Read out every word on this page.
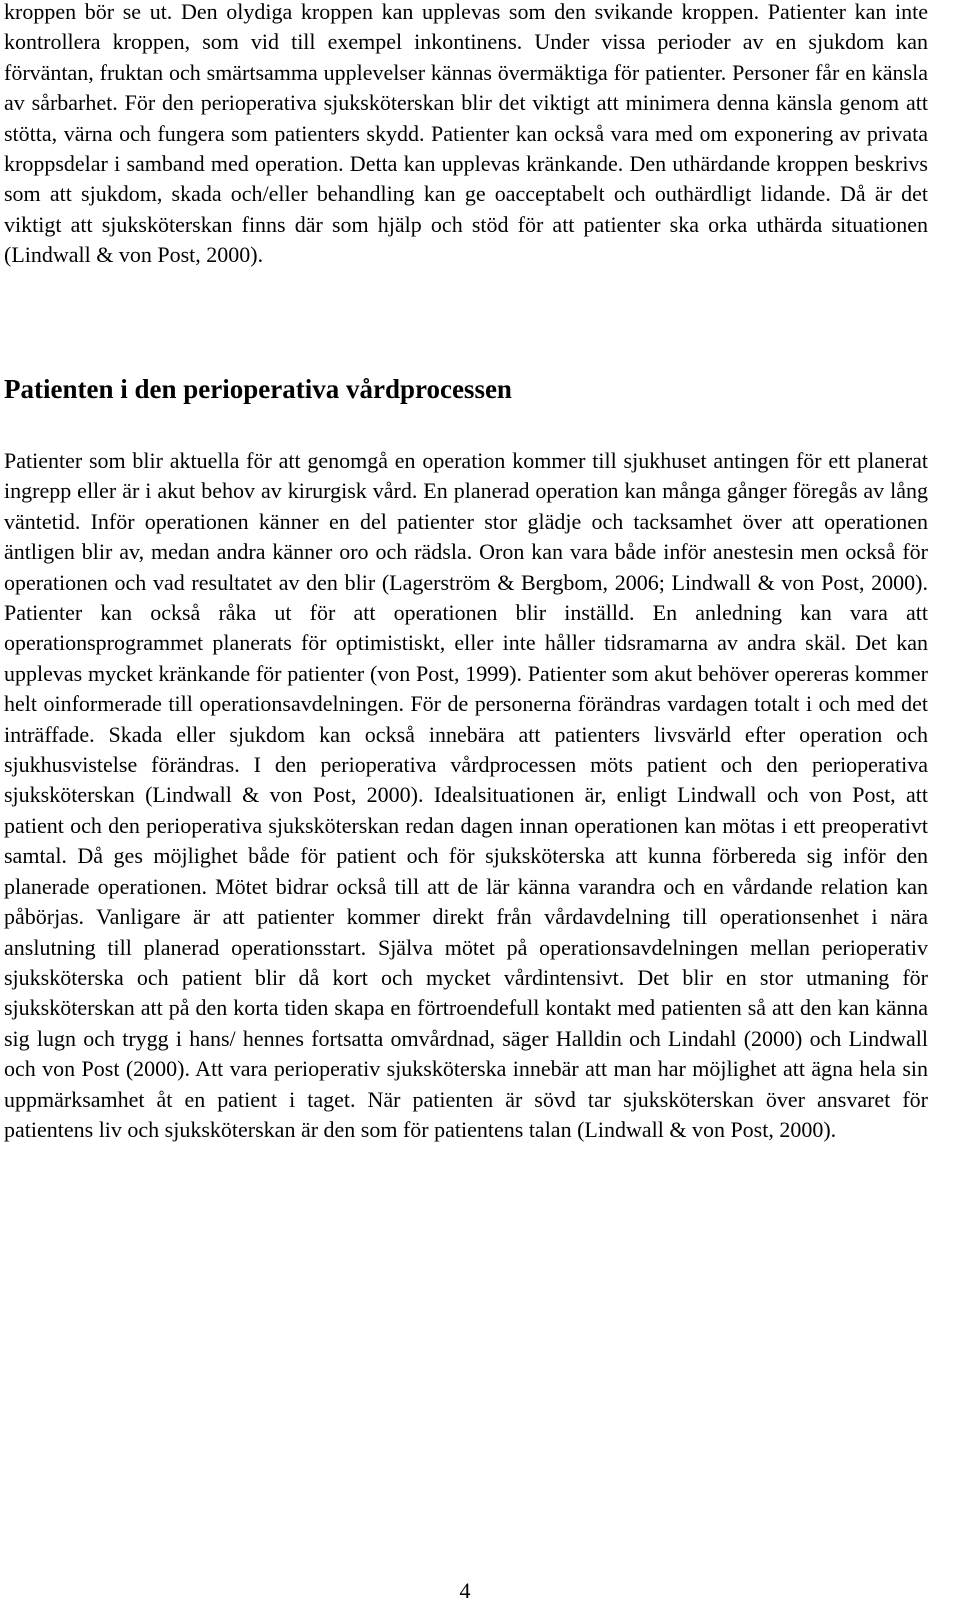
kroppen bör se ut. Den olydiga kroppen kan upplevas som den svikande kroppen. Patienter kan inte kontrollera kroppen, som vid till exempel inkontinens. Under vissa perioder av en sjukdom kan förväntan, fruktan och smärtsamma upplevelser kännas övermäktiga för patienter. Personer får en känsla av sårbarhet. För den perioperativa sjuksköterskan blir det viktigt att minimera denna känsla genom att stötta, värna och fungera som patienters skydd. Patienter kan också vara med om exponering av privata kroppsdelar i samband med operation. Detta kan upplevas kränkande. Den uthärdande kroppen beskrivs som att sjukdom, skada och/eller behandling kan ge oacceptabelt och outhärdligt lidande. Då är det viktigt att sjuksköterskan finns där som hjälp och stöd för att patienter ska orka uthärda situationen (Lindwall & von Post, 2000).

Patienten i den perioperativa vårdprocessen

Patienter som blir aktuella för att genomgå en operation kommer till sjukhuset antingen för ett planerat ingrepp eller är i akut behov av kirurgisk vård. En planerad operation kan många gånger föregås av lång väntetid. Inför operationen känner en del patienter stor glädje och tacksamhet över att operationen äntligen blir av, medan andra känner oro och rädsla. Oron kan vara både inför anestesin men också för operationen och vad resultatet av den blir (Lagerström & Bergbom, 2006; Lindwall & von Post, 2000). Patienter kan också råka ut för att operationen blir inställd. En anledning kan vara att operationsprogrammet planerats för optimistiskt, eller inte håller tidsramarna av andra skäl. Det kan upplevas mycket kränkande för patienter (von Post, 1999). Patienter som akut behöver opereras kommer helt oinformerade till operationsavdelningen. För de personerna förändras vardagen totalt i och med det inträffade. Skada eller sjukdom kan också innebära att patienters livsvärld efter operation och sjukhusvistelse förändras. I den perioperativa vårdprocessen möts patient och den perioperativa sjuksköterskan (Lindwall & von Post, 2000). Idealsituationen är, enligt Lindwall och von Post, att patient och den perioperativa sjuksköterskan redan dagen innan operationen kan mötas i ett preoperativt samtal. Då ges möjlighet både för patient och för sjuksköterska att kunna förbereda sig inför den planerade operationen. Mötet bidrar också till att de lär känna varandra och en vårdande relation kan påbörjas. Vanligare är att patienter kommer direkt från vårdavdelning till operationsenhet i nära anslutning till planerad operationsstart. Själva mötet på operationsavdelningen mellan perioperativ sjuksköterska och patient blir då kort och mycket vårdintensivt. Det blir en stor utmaning för sjuksköterskan att på den korta tiden skapa en förtroendefull kontakt med patienten så att den kan känna sig lugn och trygg i hans/ hennes fortsatta omvårdnad, säger Halldin och Lindahl (2000) och Lindwall och von Post (2000). Att vara perioperativ sjuksköterska innebär att man har möjlighet att ägna hela sin uppmärksamhet åt en patient i taget. När patienten är sövd tar sjuksköterskan över ansvaret för patientens liv och sjuksköterskan är den som för patientens talan (Lindwall & von Post, 2000).

4
